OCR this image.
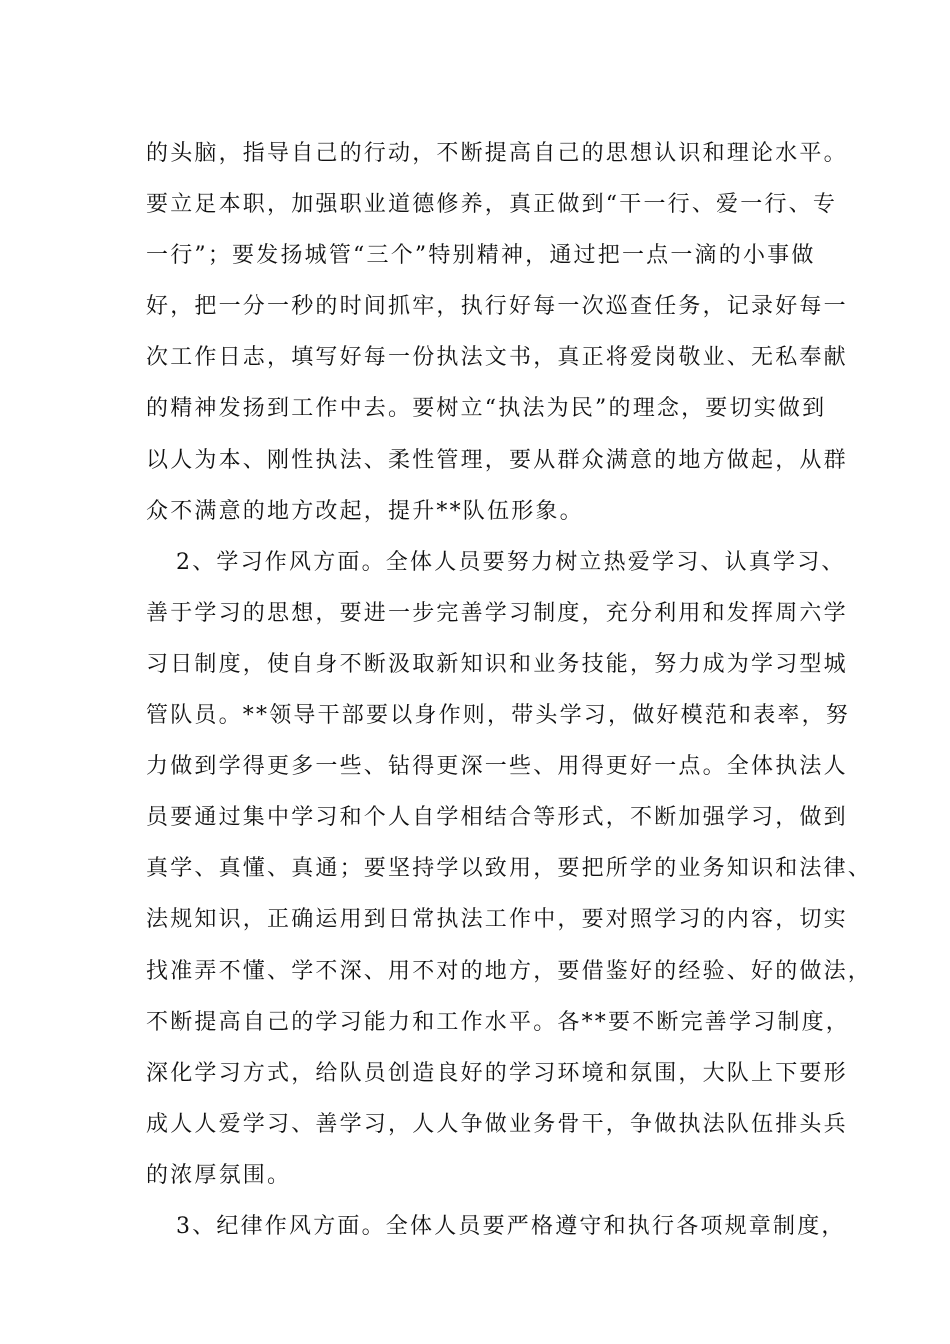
的头脑，指导自己的行动，不断提高自己的思想认识和理论水平。
要立足本职，加强职业道德修养，真正做到“干一行、爱一行、专
一行”；要发扬城管“三个”特别精神，通过把一点一滴的小事做
好，把一分一秒的时间抓牢，执行好每一次巡查任务，记录好每一
次工作日志，填写好每一份执法文书，真正将爱岗敬业、无私奉献
的精神发扬到工作中去。要树立“执法为民”的理念，要切实做到
以人为本、刚性执法、柔性管理，要从群众满意的地方做起，从群
众不满意的地方改起，提升**队伍形象。
2、学习作风方面。全体人员要努力树立热爱学习、认真学习、
善于学习的思想，要进一步完善学习制度，充分利用和发挥周六学
习日制度，使自身不断汲取新知识和业务技能，努力成为学习型城
管队员。**领导干部要以身作则，带头学习，做好模范和表率，努
力做到学得更多一些、钻得更深一些、用得更好一点。全体执法人
员要通过集中学习和个人自学相结合等形式，不断加强学习，做到
真学、真懂、真通；要坚持学以致用，要把所学的业务知识和法律、
法规知识，正确运用到日常执法工作中，要对照学习的内容，切实
找准弄不懂、学不深、用不对的地方，要借鉴好的经验、好的做法，
不断提高自己的学习能力和工作水平。各**要不断完善学习制度，
深化学习方式，给队员创造良好的学习环境和氛围，大队上下要形
成人人爱学习、善学习，人人争做业务骨干，争做执法队伍排头兵
的浓厚氛围。
3、纪律作风方面。全体人员要严格遵守和执行各项规章制度，
